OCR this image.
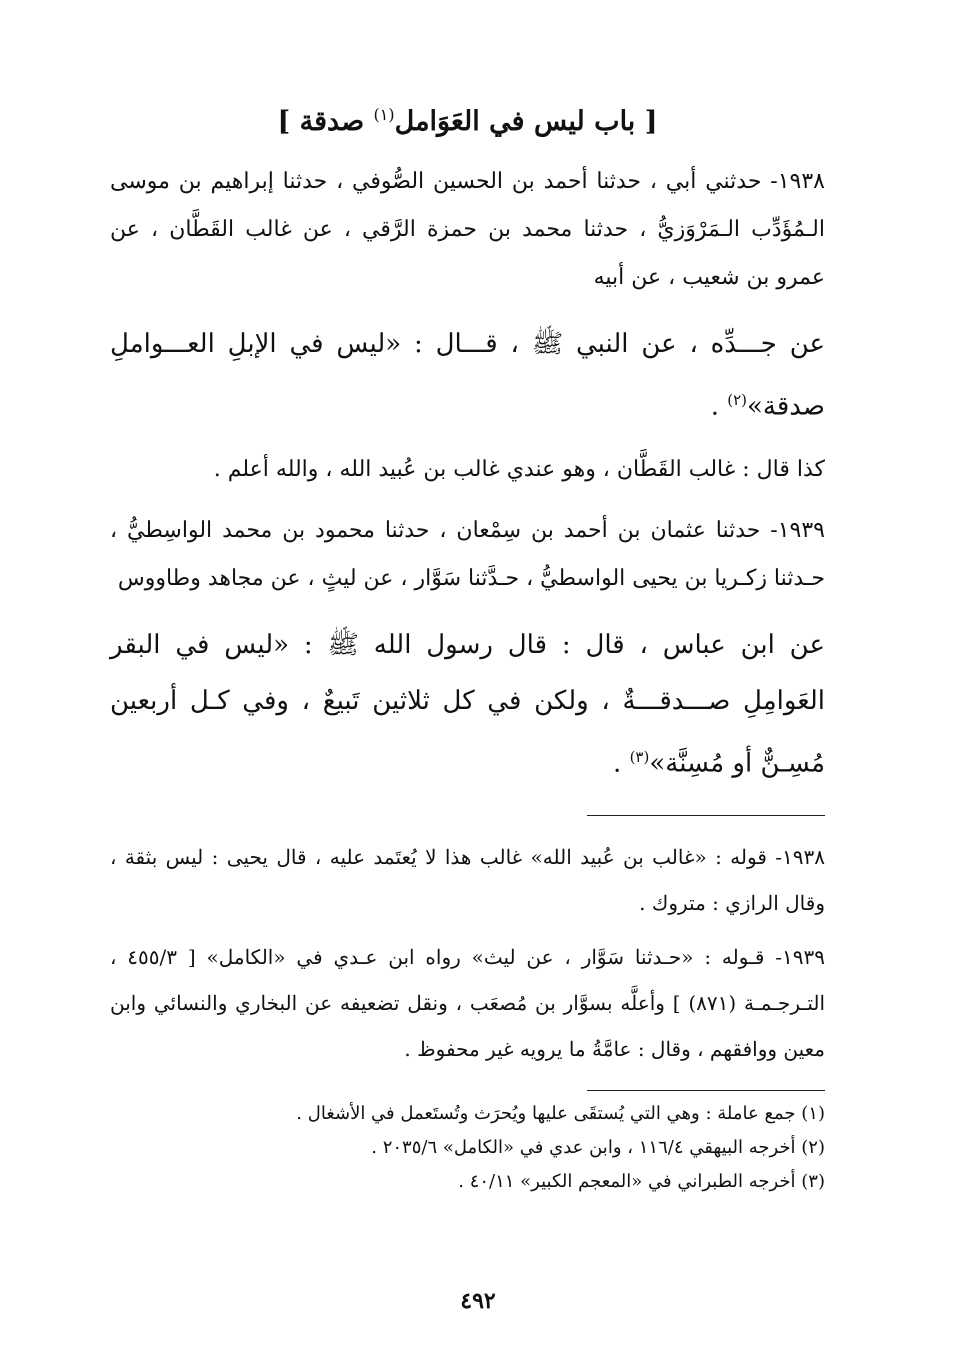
[ باب ليس في العَوَامل$^{(١)}$ صدقة ]

١٩٣٨- حدثني أبي ، حدثنا أحمد بن الحسين الصُّوفي ، حدثنا إبراهيم بن موسى الـمُؤَدِّب الـمَرْوَزيُّ ، حدثنا محمد بن حمزة الرَّقي ، عن غالب القَطَّان ، عن عمرو بن شعيب ، عن أبيه

عن جـــدِّه ، عن النبي ﷺ ، قـــال : «ليس في الإبلِ العـــواملِ صدقة»$^{(٢)}$ .

كذا قال : غالب القَطَّان ، وهو عندي غالب بن عُبيد الله ، والله أعلم .

١٩٣٩- حدثنا عثمان بن أحمد بن سِمْعان ، حدثنا محمود بن محمد الواسِطيُّ ، حـدثنا زكـريا بن يحيى الواسطيُّ ، حـدَّثنا سَوَّار ، عن ليثٍ ، عن مجاهد وطاووس

عن ابن عباس ، قال : قال رسول الله ﷺ : «ليس في البقر العَوامِلِ صـــدقـــةٌ ، ولكن في كل ثلاثين تَبيعٌ ، وفي كـل أربعين مُسِـنٌّ أو مُسِنَّة»$^{(٣)}$ .

١٩٣٨- قوله : «غالب بن عُبيد الله» غالب هذا لا يُعتَمد عليه ، قال يحيى : ليس بثقة ، وقال الرازي : متروك .

١٩٣٩- قـوله : «حـدثنا سَوَّار ، عن ليث» رواه ابن عـدي في «الكامل» [ ٤٥٥/٣ ، التـرجـمـة (٨٧١) ] وأعلَّه بسوَّار بن مُصعَب ، ونقل تضعيفه عن البخاري والنسائي وابن معين ووافقهم ، وقال : عامَّةُ ما يرويه غير محفوظ .

(١) جمع عاملة : وهي التي يُستقَى عليها ويُحرَث وتُستَعمل في الأشغال .

(٢) أخرجه البيهقي ١١٦/٤ ، وابن عدي في «الكامل» ٢٠٣٥/٦ .

(٣) أخرجه الطبراني في «المعجم الكبير» ٤٠/١١ .

٤٩٢
